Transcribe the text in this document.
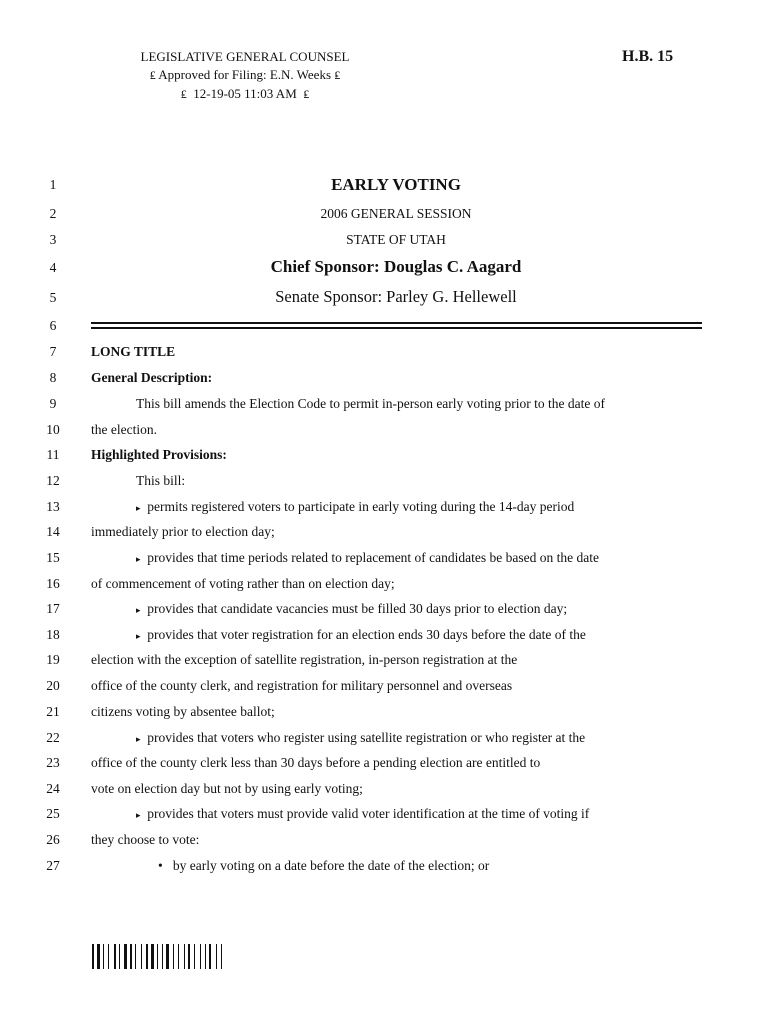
LEGISLATIVE GENERAL COUNSEL
₤ Approved for Filing: E.N. Weeks ₤
₤ 12-19-05 11:03 AM ₤
H.B. 15
1
2
3
4
5
6
7
8
9
10
11
12
13
14
15
16
17
18
19
20
21
22
23
24
25
26
27
EARLY VOTING
2006 GENERAL SESSION
STATE OF UTAH
Chief Sponsor: Douglas C. Aagard
Senate Sponsor: Parley G. Hellewell
LONG TITLE
General Description:
This bill amends the Election Code to permit in-person early voting prior to the date of
the election.
Highlighted Provisions:
This bill:
▸ permits registered voters to participate in early voting during the 14-day period
immediately prior to election day;
▸ provides that time periods related to replacement of candidates be based on the date
of commencement of voting rather than on election day;
▸ provides that candidate vacancies must be filled 30 days prior to election day;
▸ provides that voter registration for an election ends 30 days before the date of the
election with the exception of satellite registration, in-person registration at the
office of the county clerk, and registration for military personnel and overseas
citizens voting by absentee ballot;
▸ provides that voters who register using satellite registration or who register at the
office of the county clerk less than 30 days before a pending election are entitled to
vote on election day but not by using early voting;
▸ provides that voters must provide valid voter identification at the time of voting if
they choose to vote:
• by early voting on a date before the date of the election; or
